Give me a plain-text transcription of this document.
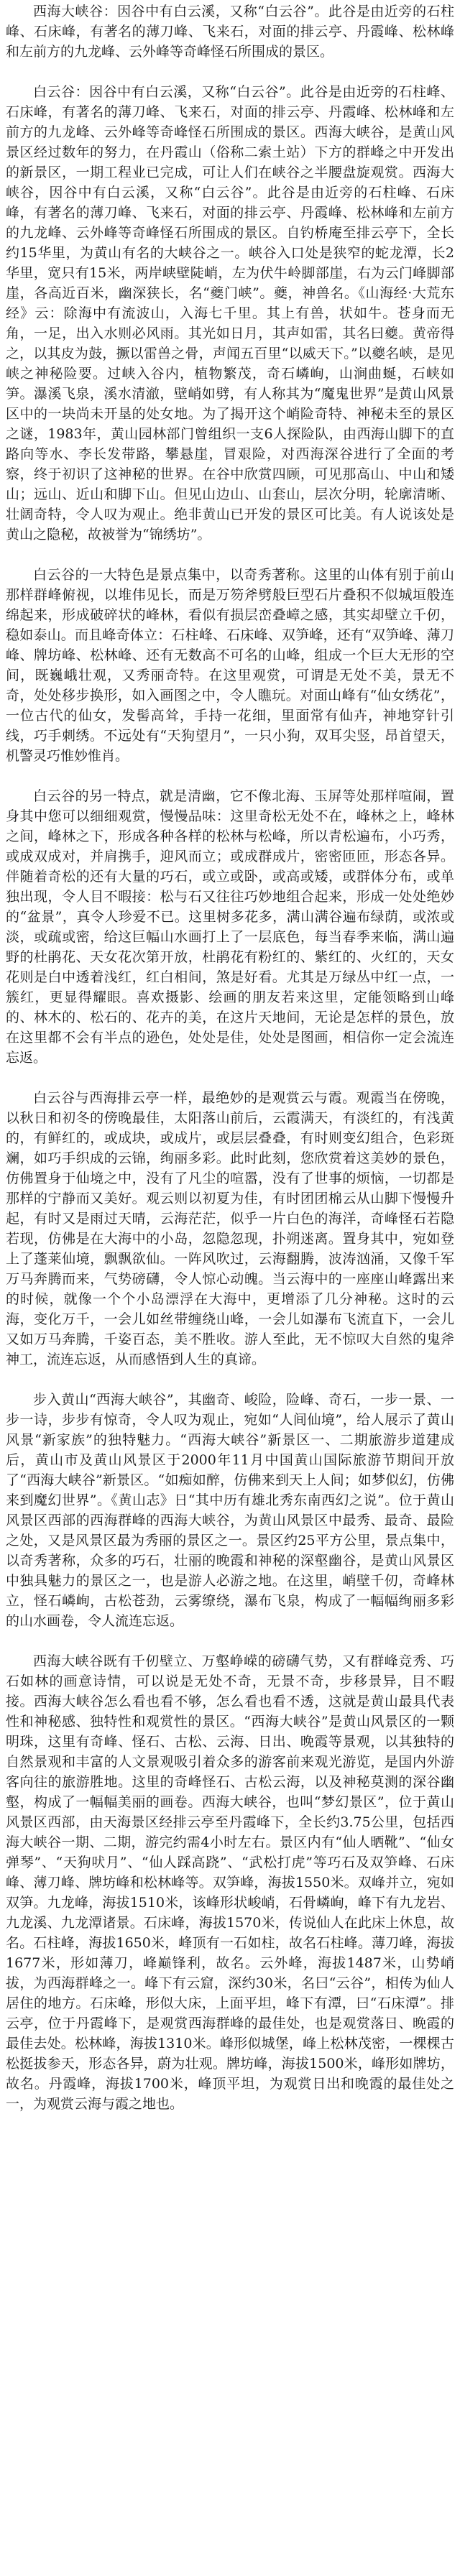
西海大峡谷：因谷中有白云溪，又称“白云谷”。此谷是由近旁的石柱峰、石床峰，有著名的薄刀峰、飞来石，对面的排云亭、丹霞峰、松林峰和左前方的九龙峰、云外峰等奇峰怪石所围成的景区。

白云谷：因谷中有白云溪，又称“白云谷”。此谷是由近旁的石柱峰、石床峰，有著名的薄刀峰、飞来石，对面的排云亭、丹霞峰、松林峰和左前方的九龙峰、云外峰等奇峰怪石所围成的景区。西海大峡谷，是黄山风景区经过数年的努力，在丹霞山（俗称二索土站）下方的群峰之中开发出的新景区，一期工程业已完成，可让人们在峡谷之半腰盘旋观赏。西海大峡谷，因谷中有白云溪，又称“白云谷”。此谷是由近旁的石柱峰、石床峰，有著名的薄刀峰、飞来石，对面的排云亭、丹霞峰、松林峰和左前方的九龙峰、云外峰等奇峰怪石所围成的景区。自钓桥庵至排云亭下，全长约15华里，为黄山有名的大峡谷之一。峡谷入口处是狭窄的蛇龙潭，长2华里，宽只有15米，两岸峡壁陡峭，左为伏牛岭脚部崖，右为云门峰脚部崖，各高近百米，幽深狭长，名“夔门峡”。夔，神兽名。《山海经·大荒东经》云：除海中有流波山，入海七千里。其上有兽，状如牛。苍身而无角，一足，出入水则必风雨。其光如日月，其声如雷，其名曰夔。黄帝得之，以其皮为鼓，撅以雷兽之骨，声闻五百里“以威天下。”以夔名峡，是见峡之神秘险要。过峡入谷内，植物繁茂，奇石嶙峋，山涧曲蜒，石峡如笋。瀑溪飞泉，溪水清澈，壁峭如劈，有人称其为“魔鬼世界”是黄山风景区中的一块尚未开垦的处女地。为了揭开这个峭险奇特、神秘未至的景区之谜，1983年，黄山园林部门曾组织一支6人探险队，由西海山脚下的直路向等水、李长发带路，攀悬崖，冒艰险，对西海深谷进行了全面的考察，终于初识了这神秘的世界。在谷中欣赏四顾，可见那高山、中山和矮山；远山、近山和脚下山。但见山边山、山套山，层次分明，轮廓清晰、壮阔奇特，令人叹为观止。绝非黄山已开发的景区可比美。有人说该处是黄山之隐秘，故被誉为“锦绣坊”。

白云谷的一大特色是景点集中，以奇秀著称。这里的山体有别于前山那样群峰俯视，以堆伟见长，而是万笏斧劈般巨型石片叠积不似城垣般连绵起来，形成破碎状的峰林，看似有损层峦叠嶂之感，其实却壁立千仞，稳如泰山。而且峰奇体立：石柱峰、石床峰、双笋峰，还有“双笋峰、薄刀峰、牌坊峰、松林峰、还有无数高不可名的山峰，组成一个巨大无形的空间，既巍峨壮观，又秀丽奇特。在这里观赏，可谓是无处不美，景无不奇，处处移步换形，如入画图之中，令人瞧玩。对面山峰有“仙女绣花”，一位古代的仙女，发髻高耸，手持一花细，里面常有仙卉，神地穿针引线，巧手刺绣。不远处有“天狗望月”，一只小狗，双耳尖竖，昂首望天，机警灵巧惟妙惟肖。

白云谷的另一特点，就是清幽，它不像北海、玉屏等处那样喧闹，置身其中您可以细细观赏，慢慢品味：这里奇松无处不在，峰林之上，峰林之间，峰林之下，形成各种各样的松林与松峰，所以青松遍布，小巧秀，或成双成对，并肩携手，迎风而立；或成群成片，密密匝匝，形态各异。伴随着奇松的还有大量的巧石，或立或卧，或高或矮，或群体分布，或单独出现，令人目不暇接：松与石又往往巧妙地组合起来，形成一处处绝妙的“盆景”，真令人珍爱不已。这里树多花多，满山满谷遍布绿荫，或浓或淡，或疏或密，给这巨幅山水画打上了一层底色，每当春季来临，满山遍野的杜鹃花、天女花次第开放，杜鹃花有粉红的、紫红的、火红的，天女花则是白中透着浅红，红白相间，煞是好看。尤其是万绿丛中红一点，一簇红，更显得耀眼。喜欢摄影、绘画的朋友若来这里，定能领略到山峰的、林木的、松石的、花卉的美，在这片天地间，无论是怎样的景色，放在这里都不会有半点的逊色，处处是佳，处处是图画，相信你一定会流连忘返。

白云谷与西海排云亭一样，最绝妙的是观赏云与霞。观霞当在傍晚，以秋日和初冬的傍晚最佳，太阳落山前后，云霞满天，有淡红的，有浅黄的，有鲜红的，或成块，或成片，或层层叠叠，有时则变幻组合，色彩斑斓，如巧手织成的云锦，绚丽多彩。此时此刻，您欣赏着这美妙的景色，仿佛置身于仙境之中，没有了凡尘的喧嚣，没有了世事的烦恼，一切都是那样的宁静而又美好。观云则以初夏为佳，有时团团棉云从山脚下慢慢升起，有时又是雨过天晴，云海茫茫，似乎一片白色的海洋，奇峰怪石若隐若现，仿佛是在大海中的小岛，忽隐忽现，扑朔迷离。置身其中，宛如登上了蓬莱仙境，飘飘欲仙。一阵风吹过，云海翻腾，波涛汹涌，又像千军万马奔腾而来，气势磅礴，令人惊心动魄。当云海中的一座座山峰露出来的时候，就像一个个小岛漂浮在大海中，更增添了几分神秘。这时的云海，变化万千，一会儿如丝带缠绕山峰，一会儿如瀑布飞流直下，一会儿又如万马奔腾，千姿百态，美不胜收。游人至此，无不惊叹大自然的鬼斧神工，流连忘返，从而感悟到人生的真谛。

步入黄山“西海大峡谷”，其幽奇、峻险，险峰、奇石，一步一景、一步一诗，步步有惊奇，令人叹为观止，宛如“人间仙境”，给人展示了黄山风景“新家族”的独特魅力。“西海大峡谷”新景区一、二期旅游步道建成后，黄山市及黄山风景区于2000年11月中国黄山国际旅游节期间开放了“西海大峡谷”新景区。“如痴如醉，仿佛来到天上人间；如梦似幻，仿佛来到魔幻世界”。《黄山志》日“其中历有雄北秀东南西幻之说”。位于黄山风景区西部的西海群峰的西海大峡谷，为黄山风景区中最秀、最奇、最险之处，又是风景区最为秀丽的景区之一。景区约25平方公里，景点集中，以奇秀著称，众多的巧石，壮丽的晚霞和神秘的深壑幽谷，是黄山风景区中独具魅力的景区之一，也是游人必游之地。在这里，峭壁千仞，奇峰林立，怪石嶙峋，古松苍劲，云雾缭绕，瀑布飞泉，构成了一幅幅绚丽多彩的山水画卷，令人流连忘返。

西海大峡谷既有千仞壁立、万壑峥嵘的磅礴气势，又有群峰竞秀、巧石如林的画意诗情，可以说是无处不奇，无景不奇，步移景异，目不暇接。西海大峡谷怎么看也看不够，怎么看也看不透，这就是黄山最具代表性和神秘感、独特性和观赏性的景区。“西海大峡谷”是黄山风景区的一颗明珠，这里有奇峰、怪石、古松、云海、日出、晚霞等景观，以其独特的自然景观和丰富的人文景观吸引着众多的游客前来观光游览，是国内外游客向往的旅游胜地。这里的奇峰怪石、古松云海，以及神秘莫测的深谷幽壑，构成了一幅幅美丽的画卷。西海大峡谷，也叫“梦幻景区”，位于黄山风景区西部，由天海景区经排云亭至丹霞峰下，全长约3.75公里，包括西海大峡谷一期、二期，游完约需4小时左右。景区内有“仙人晒靴”、“仙女弹琴”、“天狗吠月”、“仙人踩高跷”、“武松打虎”等巧石及双笋峰、石床峰、薄刀峰、牌坊峰和松林峰等。双笋峰，海拔1550米。双峰并立，宛如双笋。九龙峰，海拔1510米，该峰形状峻峭，石骨嶙峋，峰下有九龙岩、九龙溪、九龙潭诸景。石床峰，海拔1570米，传说仙人在此床上休息，故名。石柱峰，海拔1650米，峰顶有一石如柱，故名石柱峰。薄刀峰，海拔1677米，形如薄刀，峰巅锋利，故名。云外峰，海拔1487米，山势峭拔，为西海群峰之一。峰下有云窟，深约30米，名曰“云谷”，相传为仙人居住的地方。石床峰，形似大床，上面平坦，峰下有潭，曰“石床潭”。排云亭，位于丹霞峰下，是观赏西海群峰的最佳处，也是观赏落日、晚霞的最佳去处。松林峰，海拔1310米。峰形似城堡，峰上松林茂密，一棵棵古松挺拔参天，形态各异，蔚为壮观。牌坊峰，海拔1500米，峰形如牌坊，故名。丹霞峰，海拔1700米，峰顶平坦，为观赏日出和晚霞的最佳处之一，为观赏云海与霞之地也。
